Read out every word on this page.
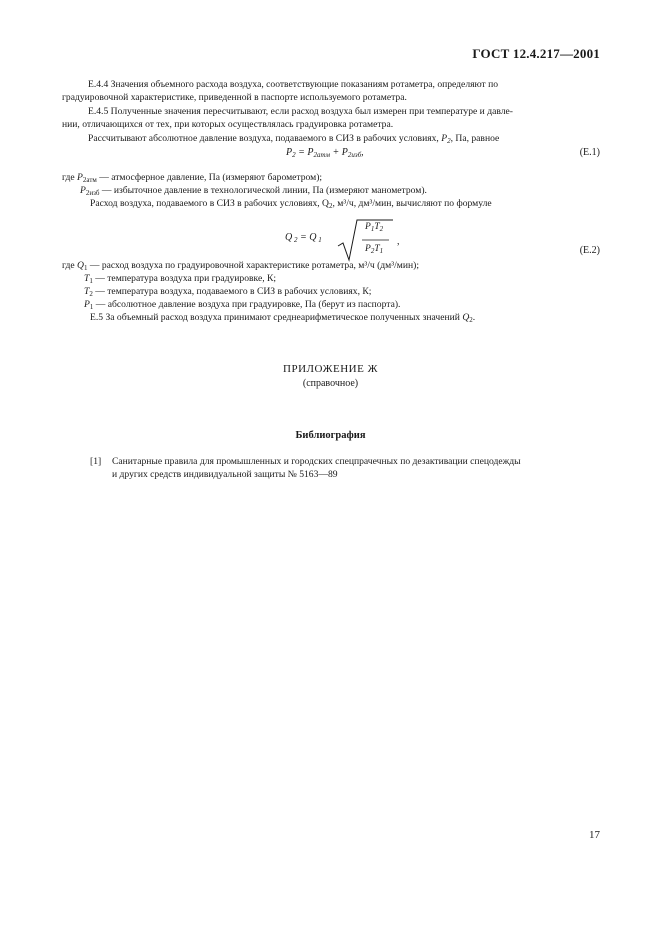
ГОСТ 12.4.217—2001

Е.4.4 Значения объемного расхода воздуха, соответствующие показаниям ротаметра, определяют по

градуировочной характеристике, приведенной в паспорте используемого ротаметра.

Е.4.5 Полученные значения пересчитывают, если расход воздуха был измерен при температуре и давле-

нии, отличающихся от тех, при которых осуществлялась градуировка ротаметра.

Рассчитывают абсолютное давление воздуха, подаваемого в СИЗ в рабочих условиях, $P_2$, Па, равное

$P_2 = P_{2атм} + P_{2изб}$,	(Е.1)
где $P_{2атм}$ — атмосферное давление, Па (измеряют барометром);
$P_{2изб}$ — избыточное давление в технологической линии, Па (измеряют манометром).
Расход воздуха, подаваемого в СИЗ в рабочих условиях, $Q_2$, м³/ч, дм³/мин, вычисляют по формуле
Q $_2$ = Q $_1$
$P_1T_2$
$P_2T_1$
,
(Е.2)
где $Q_1$ — расход воздуха по градуировочной характеристике ротаметра, м³/ч (дм³/мин);
$T_1$ — температура воздуха при градуировке, К;
$T_2$ — температура воздуха, подаваемого в СИЗ в рабочих условиях, К;
$P_1$ — абсолютное давление воздуха при градуировке, Па (берут из паспорта).
Е.5 За объемный расход воздуха принимают среднеарифметическое полученных значений $Q_2$.
ПРИЛОЖЕНИЕ Ж
(справочное)
Библиография
[1] Санитарные правила для промышленных и городских спецпрачечных по дезактивации спецодежды
и других средств индивидуальной защиты № 5163—89
17
